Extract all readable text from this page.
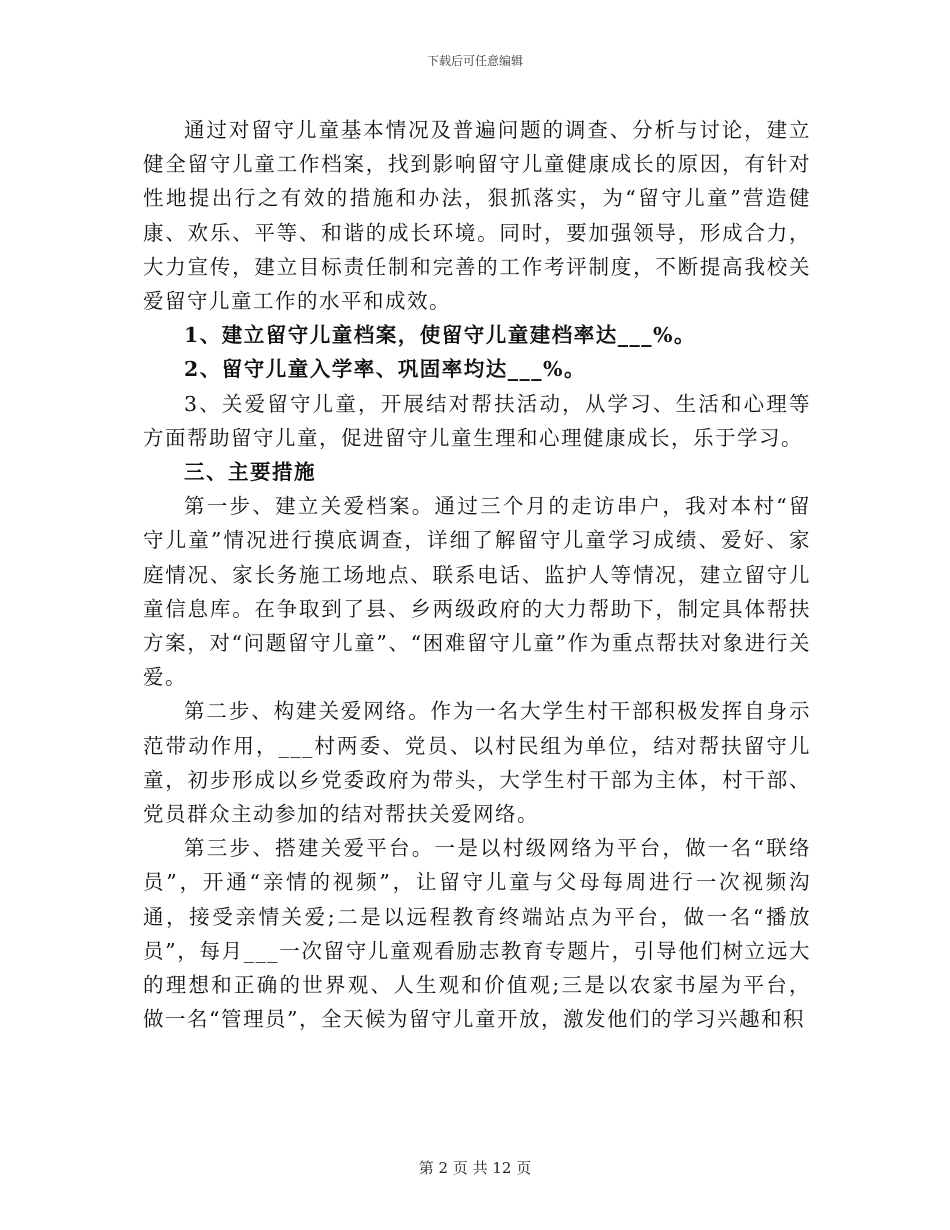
下载后可任意编辑

通过对留守儿童基本情况及普遍问题的调查、分析与讨论，建立健全留守儿童工作档案，找到影响留守儿童健康成长的原因，有针对性地提出行之有效的措施和办法，狠抓落实，为“留守儿童”营造健康、欢乐、平等、和谐的成长环境。同时，要加强领导，形成合力，大力宣传，建立目标责任制和完善的工作考评制度，不断提高我校关爱留守儿童工作的水平和成效。

1、建立留守儿童档案，使留守儿童建档率达___%。

2、留守儿童入学率、巩固率均达___%。

3、关爱留守儿童，开展结对帮扶活动，从学习、生活和心理等方面帮助留守儿童，促进留守儿童生理和心理健康成长，乐于学习。

三、主要措施

第一步、建立关爱档案。通过三个月的走访串户，我对本村“留守儿童”情况进行摸底调查，详细了解留守儿童学习成绩、爱好、家庭情况、家长务施工场地点、联系电话、监护人等情况，建立留守儿童信息库。在争取到了县、乡两级政府的大力帮助下，制定具体帮扶方案，对“问题留守儿童”、“困难留守儿童”作为重点帮扶对象进行关爱。

第二步、构建关爱网络。作为一名大学生村干部积极发挥自身示范带动作用，___村两委、党员、以村民组为单位，结对帮扶留守儿童，初步形成以乡党委政府为带头，大学生村干部为主体，村干部、党员群众主动参加的结对帮扶关爱网络。

第三步、搭建关爱平台。一是以村级网络为平台，做一名“联络员”，开通“亲情的视频”，让留守儿童与父母每周进行一次视频沟通，接受亲情关爱;二是以远程教育终端站点为平台，做一名“播放员”，每月___一次留守儿童观看励志教育专题片，引导他们树立远大的理想和正确的世界观、人生观和价值观;三是以农家书屋为平台，做一名“管理员”，全天候为留守儿童开放，激发他们的学习兴趣和积

第 2 页 共 12 页
